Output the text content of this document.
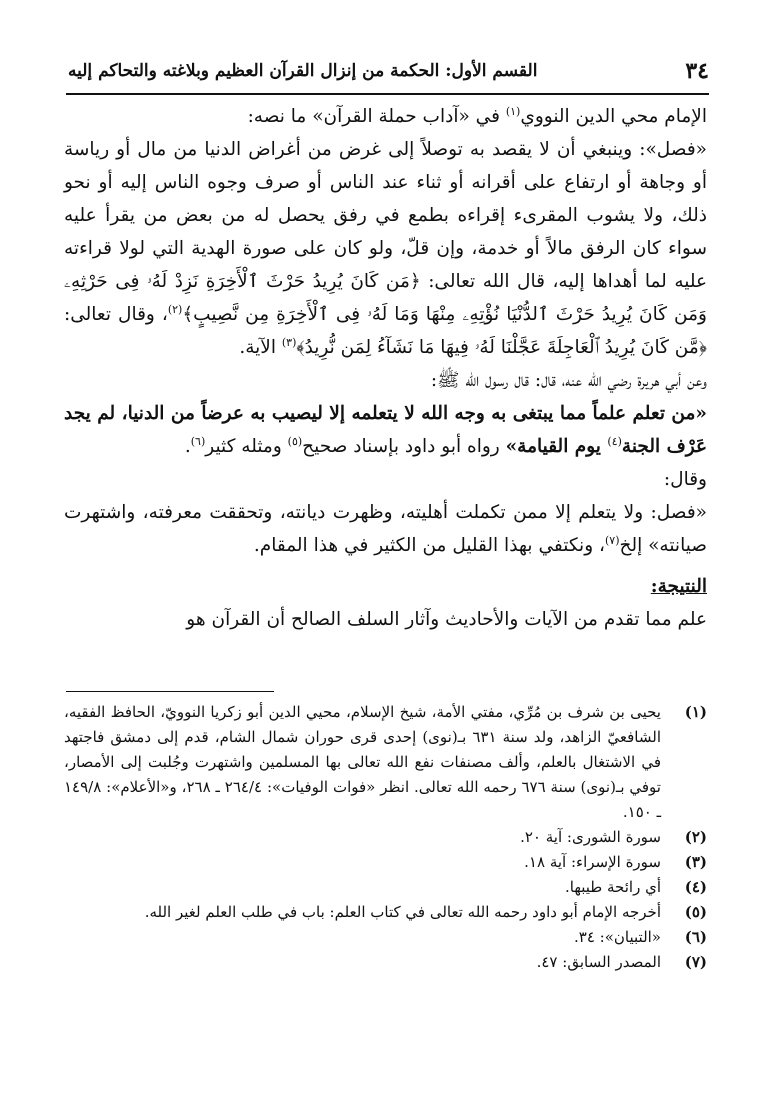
٣٤
القسم الأول: الحكمة من إنزال القرآن العظيم وبلاغته والتحاكم إليه

الإمام محي الدين النووي$^{(١)}$ في «آداب حملة القرآن» ما نصه:

«فصل»: وينبغي أن لا يقصد به توصلاً إلى غرض من أغراض الدنيا من مال أو رياسة أو وجاهة أو ارتفاع على أقرانه أو ثناء عند الناس أو صرف وجوه الناس إليه أو نحو ذلك، ولا يشوب المقرىء إقراءه بطمع في رفق يحصل له من بعض من يقرأ عليه سواء كان الرفق مالاً أو خدمة، وإن قلّ، ولو كان على صورة الهدية التي لولا قراءته عليه لما أهداها إليه، قال الله تعالى: ﴿مَن كَانَ يُرِيدُ حَرْثَ ٱلْأَخِرَةِ نَزِدْ لَهُۥ فِى حَرْثِهِۦ وَمَن كَانَ يُرِيدُ حَرْثَ ٱلدُّنْيَا نُؤْتِهِۦ مِنْهَا وَمَا لَهُۥ فِى ٱلْأَخِرَةِ مِن نَّصِيبٍ﴾$^{(٢)}$، وقال تعالى: ﴿مَّن كَانَ يُرِيدُ ٱلْعَاجِلَةَ عَجَّلْنَا لَهُۥ فِيهَا مَا نَشَآءُ لِمَن نُّرِيدُ﴾$^{(٣)}$ الآية.

وعن أبي هريرة رضي الله عنه، قال: قال رسول الله ﷺ:

«من تعلم علماً مما يبتغى به وجه الله لا يتعلمه إلا ليصيب به عرضاً من الدنيا، لم يجد عَرْف الجنة$^{(٤)}$ يوم القيامة» رواه أبو داود بإسناد صحيح$^{(٥)}$ ومثله كثير$^{(٦)}$.

وقال:

«فصل: ولا يتعلم إلا ممن تكملت أهليته، وظهرت ديانته، وتحققت معرفته، واشتهرت صيانته» إلخ$^{(٧)}$، ونكتفي بهذا القليل من الكثير في هذا المقام.

النتيجة:

علم مما تقدم من الآيات والأحاديث وآثار السلف الصالح أن القرآن هو

(١)
يحيى بن شرف بن مُرِّي، مفتي الأمة، شيخ الإسلام، محيي الدين أبو زكريا النوويّ، الحافظ الفقيه، الشافعيّ الزاهد، ولد سنة ٦٣١ بـ(نوى) إحدى قرى حوران شمال الشام، قدم إلى دمشق فاجتهد في الاشتغال بالعلم، وألف مصنفات نفع الله تعالى بها المسلمين واشتهرت وجُلبت إلى الأمصار، توفي بـ(نوى) سنة ٦٧٦ رحمه الله تعالى. انظر «فوات الوفيات»: ٢٦٤/٤ ـ ٢٦٨، و«الأعلام»: ١٤٩/٨ ـ ١٥٠.
(٢)
سورة الشورى: آية ٢٠.
(٣)
سورة الإسراء: آية ١٨.
(٤)
أي رائحة طيبها.
(٥)
أخرجه الإمام أبو داود رحمه الله تعالى في كتاب العلم: باب في طلب العلم لغير الله.
(٦)
«التبيان»: ٣٤.
(٧)
المصدر السابق: ٤٧.
